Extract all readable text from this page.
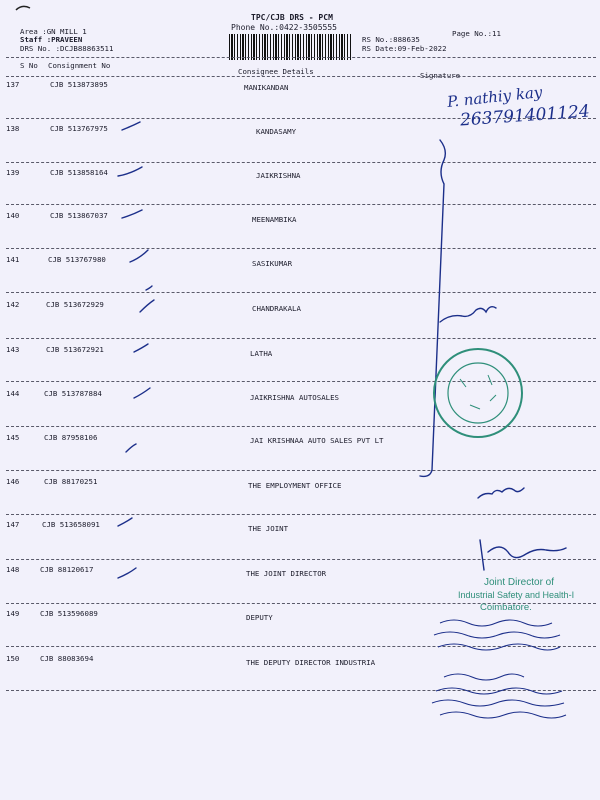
TPC/CJB DRS - PCM
Phone No.:0422-3505555
Area :GN MILL 1
Staff :PRAVEEN
DRS No. :DCJB88863511
RS No.:888635
RS Date:09-Feb-2022
Page No.:11
S No Consignment No
Consignee Details	Signature
137	CJB 513873895	MANIKANDAN
138	CJB 513767975	KANDASAMY
139	CJB 513858164	JAIKRISHNA
140	CJB 513867037	MEENAMBIKA
141	CJB 513767980	SASIKUMAR
142	CJB 513672929	CHANDRAKALA
143	CJB 513672921	LATHA
144	CJB 513787884	JAIKRISHNA AUTOSALES
145	CJB 87958106	JAI KRISHNAA AUTO SALES PVT LT
146	CJB 88170251	THE EMPLOYMENT OFFICE
147	CJB 513658091	THE JOINT
148	CJB 88120617	THE JOINT DIRECTOR
149	CJB 513596089	DEPUTY
150	CJB 88083694	THE DEPUTY DIRECTOR INDUSTRIA
P. nathiy kay
263791401124
Joint Director of
Industrial Safety and Health-I
Coimbatore.
